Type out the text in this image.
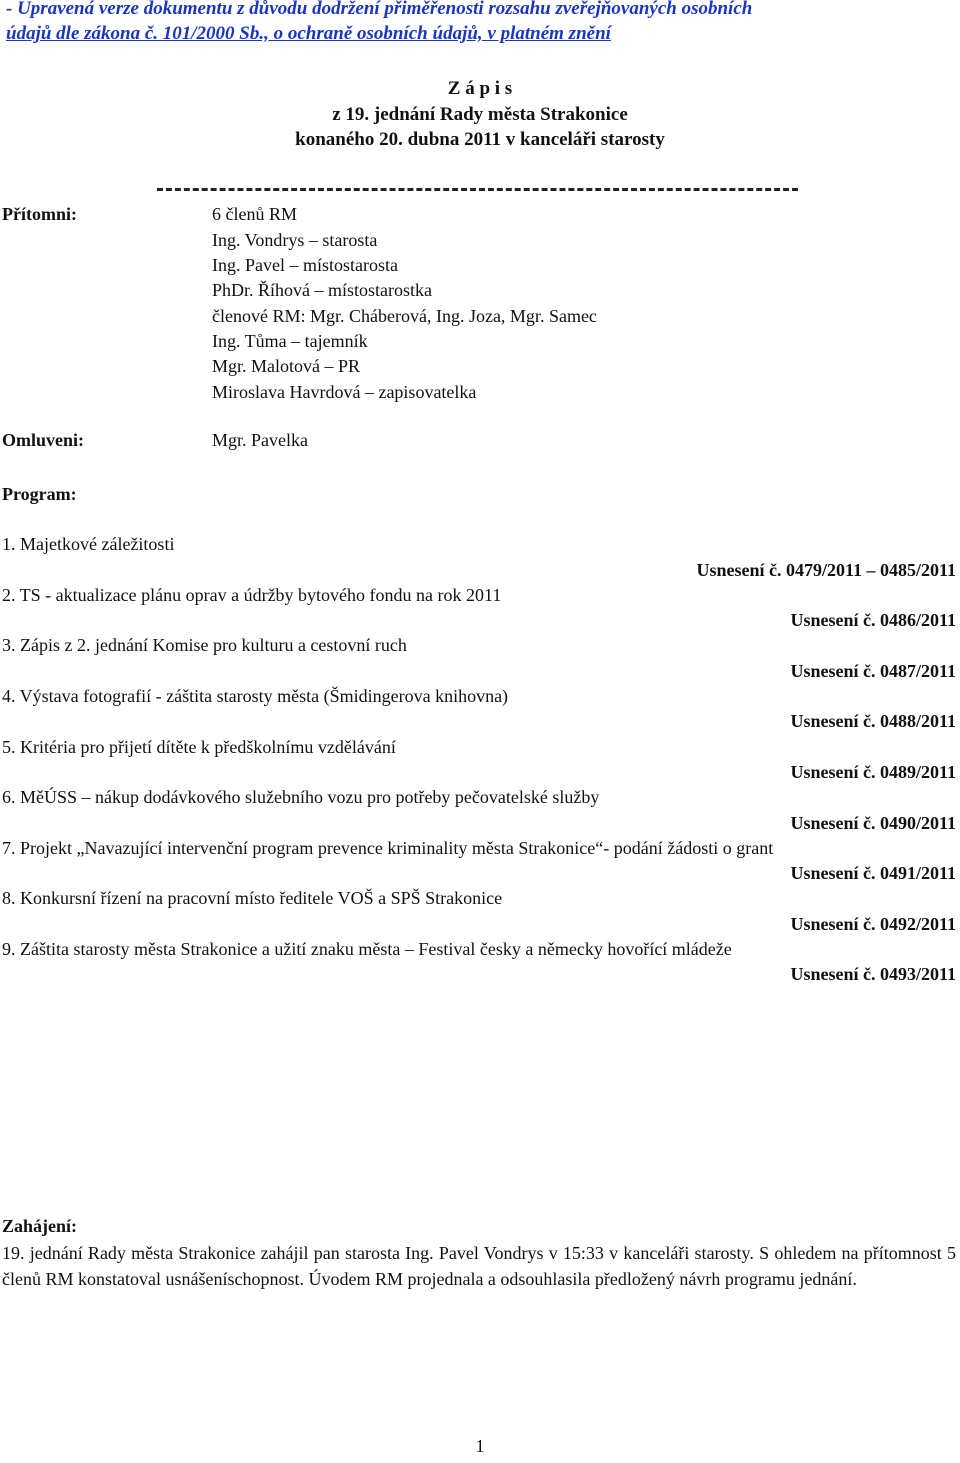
- Upravená verze dokumentu z důvodu dodržení přiměřenosti rozsahu zveřejňovaných osobních
údajů dle zákona č. 101/2000 Sb., o ochraně osobních údajů, v platném znění
Z á p i s
z 19. jednání Rady města Strakonice
konaného 20. dubna 2011 v kanceláři starosty
Přítomni:	6 členů RM
Ing. Vondrys – starosta
Ing. Pavel – místostarosta
PhDr. Říhová – místostarostka
členové RM: Mgr. Cháberová, Ing. Joza, Mgr. Samec
Ing. Tůma – tajemník
Mgr. Malotová – PR
Miroslava Havrdová – zapisovatelka
Omluveni:	Mgr. Pavelka
Program:
1. Majetkové záležitosti
Usnesení č. 0479/2011 – 0485/2011
2. TS - aktualizace plánu oprav a údržby bytového fondu na rok 2011
Usnesení č. 0486/2011
3. Zápis z 2. jednání Komise pro kulturu a cestovní ruch
Usnesení č. 0487/2011
4. Výstava fotografií - záštita starosty města (Šmidingerova knihovna)
Usnesení č. 0488/2011
5. Kritéria pro přijetí dítěte k předškolnímu vzdělávání
Usnesení č. 0489/2011
6. MěÚSS – nákup dodávkového služebního vozu pro potřeby pečovatelské služby
Usnesení č. 0490/2011
7. Projekt „Navazující intervenční program prevence kriminality města Strakonice“- podání žádosti o grant
Usnesení č. 0491/2011
8. Konkursní řízení na pracovní místo ředitele VOŠ a SPŠ Strakonice
Usnesení č. 0492/2011
9. Záštita starosty města Strakonice a užití znaku města – Festival česky a německy hovořící mládeže
Usnesení č. 0493/2011
Zahájení:
19. jednání Rady města Strakonice zahájil pan starosta Ing. Pavel Vondrys v 15:33 v kanceláři starosty. S ohledem na přítomnost 5 členů RM konstatoval usnášeníschopnost. Úvodem RM projednala a odsouhlasila předložený návrh programu jednání.
1
